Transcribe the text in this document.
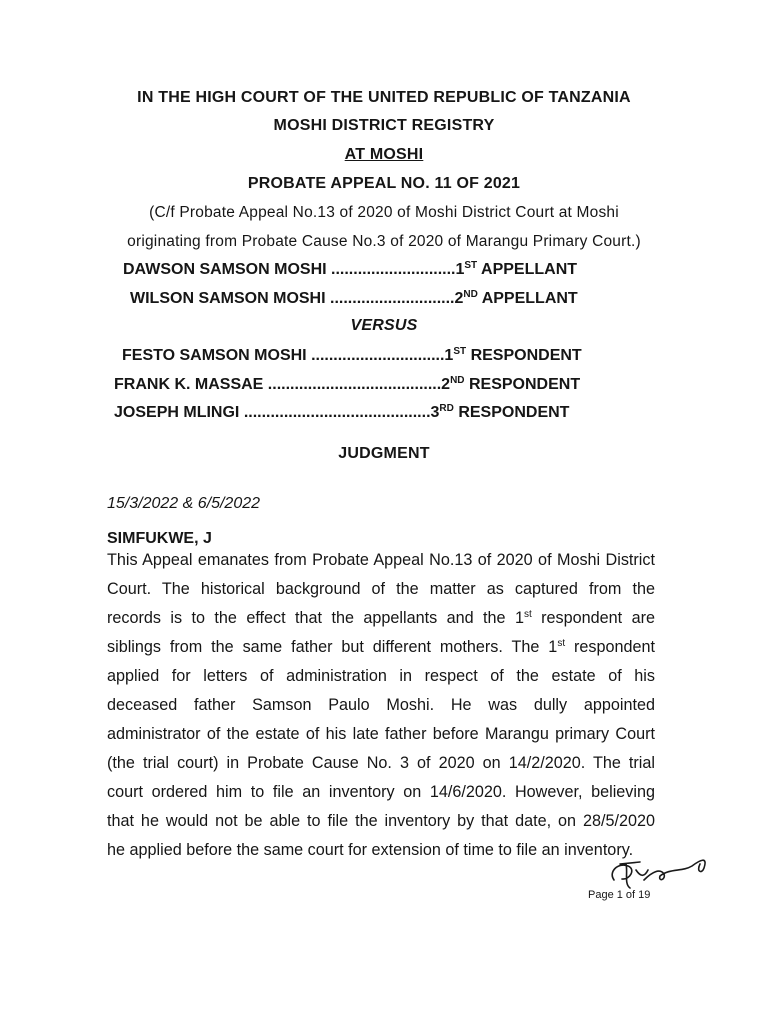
IN THE HIGH COURT OF THE UNITED REPUBLIC OF TANZANIA
MOSHI DISTRICT REGISTRY
AT MOSHI
PROBATE APPEAL NO. 11 OF 2021
(C/f Probate Appeal No.13 of 2020 of Moshi District Court at Moshi
originating from Probate Cause No.3 of 2020 of Marangu Primary Court.)
DAWSON SAMSON MOSHI ............................1ST APPELLANT
WILSON SAMSON MOSHI ............................2ND APPELLANT
VERSUS
FESTO SAMSON MOSHI ..............................1ST RESPONDENT
FRANK K. MASSAE .......................................2ND RESPONDENT
JOSEPH MLINGI ..........................................3RD RESPONDENT
JUDGMENT
15/3/2022 & 6/5/2022
SIMFUKWE, J
This Appeal emanates from Probate Appeal No.13 of 2020 of Moshi District
Court. The historical background of the matter as captured from the
records is to the effect that the appellants and the 1st respondent are
siblings from the same father but different mothers. The 1st respondent
applied for letters of administration in respect of the estate of his
deceased father Samson Paulo Moshi. He was dully appointed
administrator of the estate of his late father before Marangu primary Court
(the trial court) in Probate Cause No. 3 of 2020 on 14/2/2020. The trial
court ordered him to file an inventory on 14/6/2020. However, believing
that he would not be able to file the inventory by that date, on 28/5/2020
he applied before the same court for extension of time to file an inventory.
Page 1 of 19
